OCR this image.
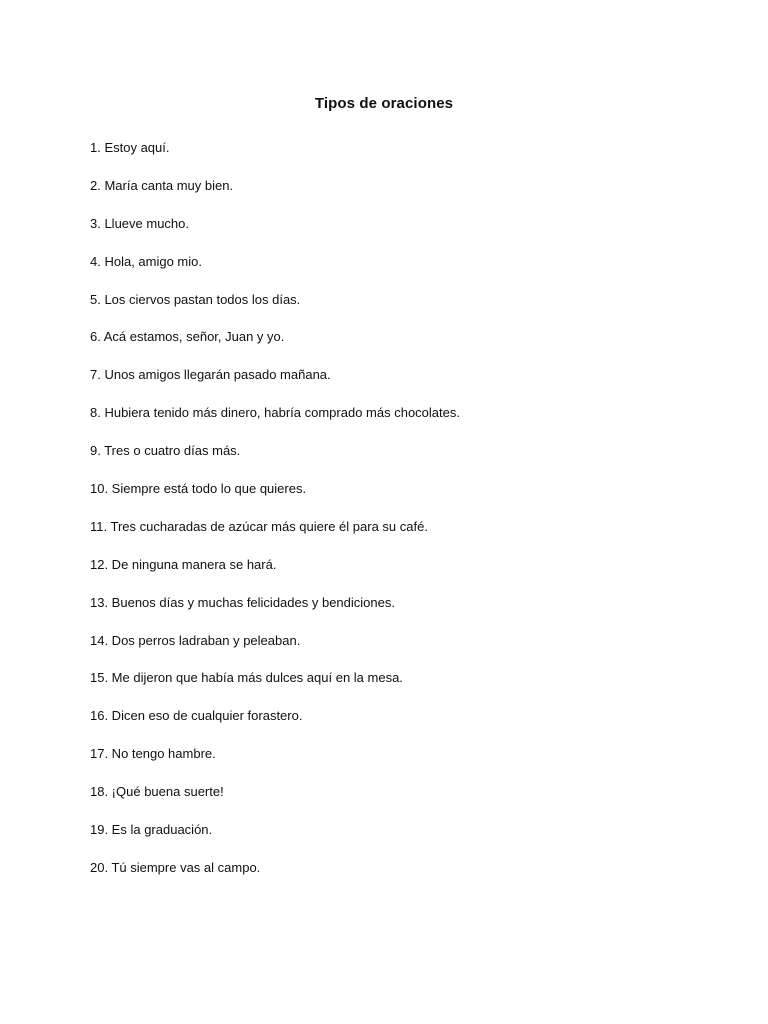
Tipos de oraciones
1. Estoy aquí.
2. María canta muy bien.
3. Llueve mucho.
4. Hola, amigo mio.
5. Los ciervos pastan todos los días.
6. Acá estamos, señor, Juan y yo.
7. Unos amigos llegarán pasado mañana.
8. Hubiera tenido más dinero, habría comprado más chocolates.
9. Tres o cuatro días más.
10. Siempre está todo lo que quieres.
11. Tres cucharadas de azúcar más quiere él para su café.
12. De ninguna manera se hará.
13. Buenos días y muchas felicidades y bendiciones.
14. Dos perros ladraban y peleaban.
15. Me dijeron que había más dulces aquí en la mesa.
16. Dicen eso de cualquier forastero.
17. No tengo hambre.
18. ¡Qué buena suerte!
19. Es la graduación.
20. Tú siempre vas al campo.
